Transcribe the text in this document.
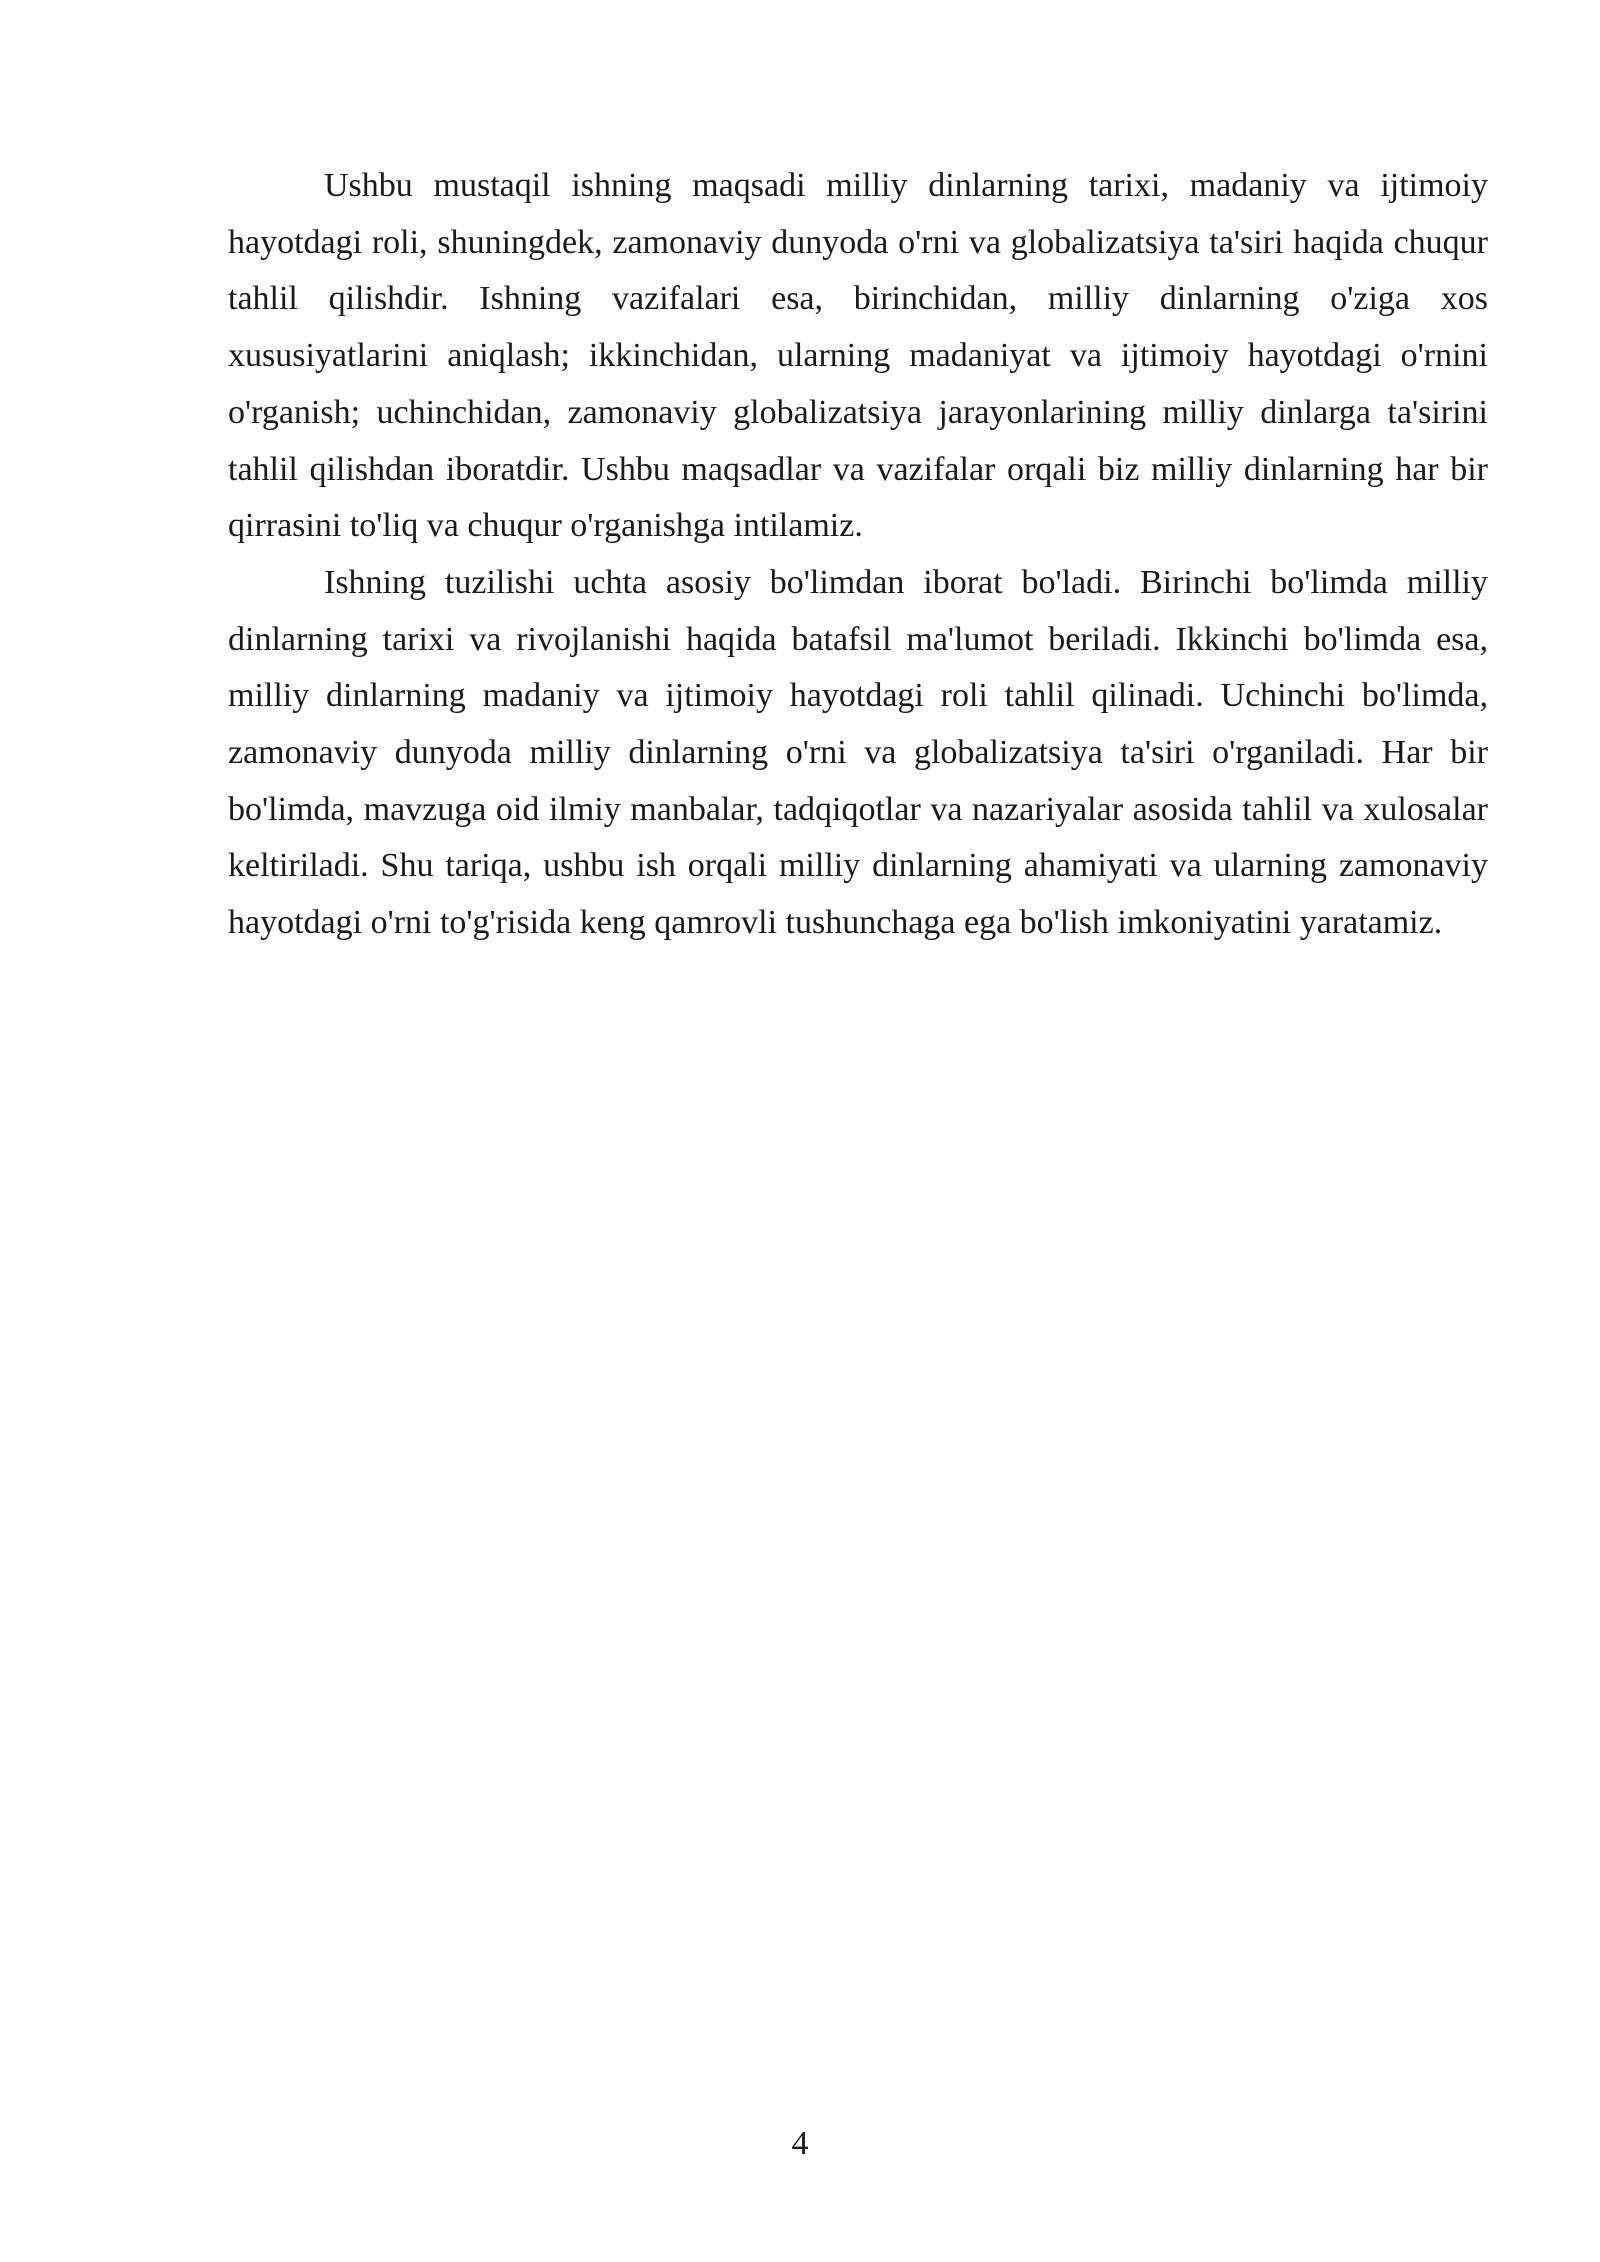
Ushbu mustaqil ishning maqsadi milliy dinlarning tarixi, madaniy va ijtimoiy hayotdagi roli, shuningdek, zamonaviy dunyoda o'rni va globalizatsiya ta'siri haqida chuqur tahlil qilishdir. Ishning vazifalari esa, birinchidan, milliy dinlarning o'ziga xos xususiyatlarini aniqlash; ikkinchidan, ularning madaniyat va ijtimoiy hayotdagi o'rnini o'rganish; uchinchidan, zamonaviy globalizatsiya jarayonlarining milliy dinlarga ta'sirini tahlil qilishdan iboratdir. Ushbu maqsadlar va vazifalar orqali biz milliy dinlarning har bir qirrasini to'liq va chuqur o'rganishga intilamiz.

Ishning tuzilishi uchta asosiy bo'limdan iborat bo'ladi. Birinchi bo'limda milliy dinlarning tarixi va rivojlanishi haqida batafsil ma'lumot beriladi. Ikkinchi bo'limda esa, milliy dinlarning madaniy va ijtimoiy hayotdagi roli tahlil qilinadi. Uchinchi bo'limda, zamonaviy dunyoda milliy dinlarning o'rni va globalizatsiya ta'siri o'rganiladi. Har bir bo'limda, mavzuga oid ilmiy manbalar, tadqiqotlar va nazariyalar asosida tahlil va xulosalar keltiriladi. Shu tariqa, ushbu ish orqali milliy dinlarning ahamiyati va ularning zamonaviy hayotdagi o'rni to'g'risida keng qamrovli tushunchaga ega bo'lish imkoniyatini yaratamiz.

4
